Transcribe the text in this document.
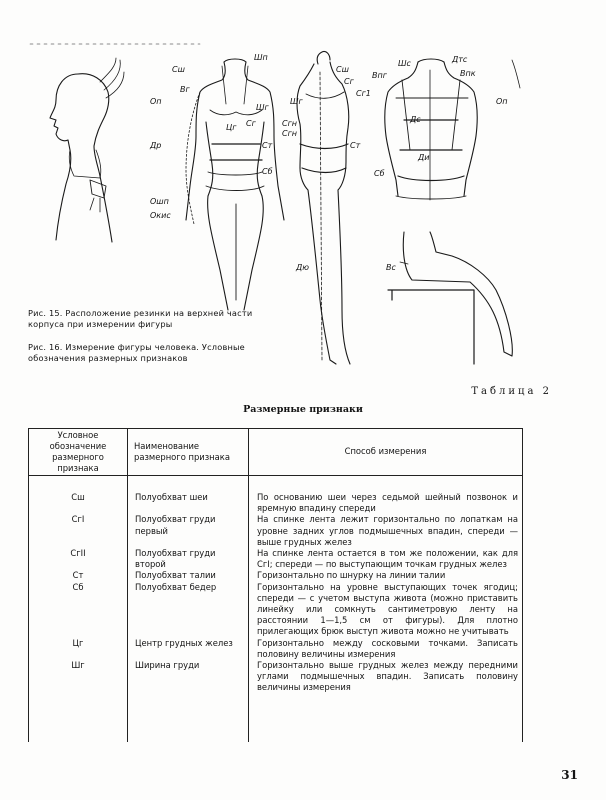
Сш
Шп
Вг
Оп
Шг
Цг Сг
Ст
Др
Сб
Ошп
Окис
Сш
Сг
Сг1
Шг
Сгн
Сгн
Ст
Дю
Шс	Дтс
Впг	Впк
Оп
Дс
Ди
Сб
Вс
Рис. 15. Расположение резинки на верхней части корпуса при измерении фигуры
Рис. 16. Измерение фигуры человека. Условные обозначения размерных признаков
Таблица 2
Размерные признаки
Условное обозначение размерного признака	Наименование размерного признака	Способ измерения

Сш	Полуобхват шеи	По основанию шеи через седьмой шейный позвонок и яремную впадину спереди
СгI	Полуобхват груди первый	На спинке лента лежит горизонтально по лопаткам на уровне задних углов подмышечных впадин, спереди — выше грудных желез
СгII	Полуобхват груди второй	На спинке лента остается в том же положении, как для СгI; спереди — по выступающим точкам грудных желез
Ст	Полуобхват талии	Горизонтально по шнурку на линии талии
Сб	Полуобхват бедер	Горизонтально на уровне выступающих точек ягодиц; спереди — с учетом выступа живота (можно приставить линейку или сомкнуть сантиметровую ленту на расстоянии 1—1,5 см от фигуры). Для плотно прилегающих брюк выступ живота можно не учитывать
Цг	Центр грудных желез	Горизонтально между сосковыми точками. Записать половину величины измерения
Шг	Ширина груди	Горизонтально выше грудных желез между передними углами подмышечных впадин. Записать половину величины измерения
31
